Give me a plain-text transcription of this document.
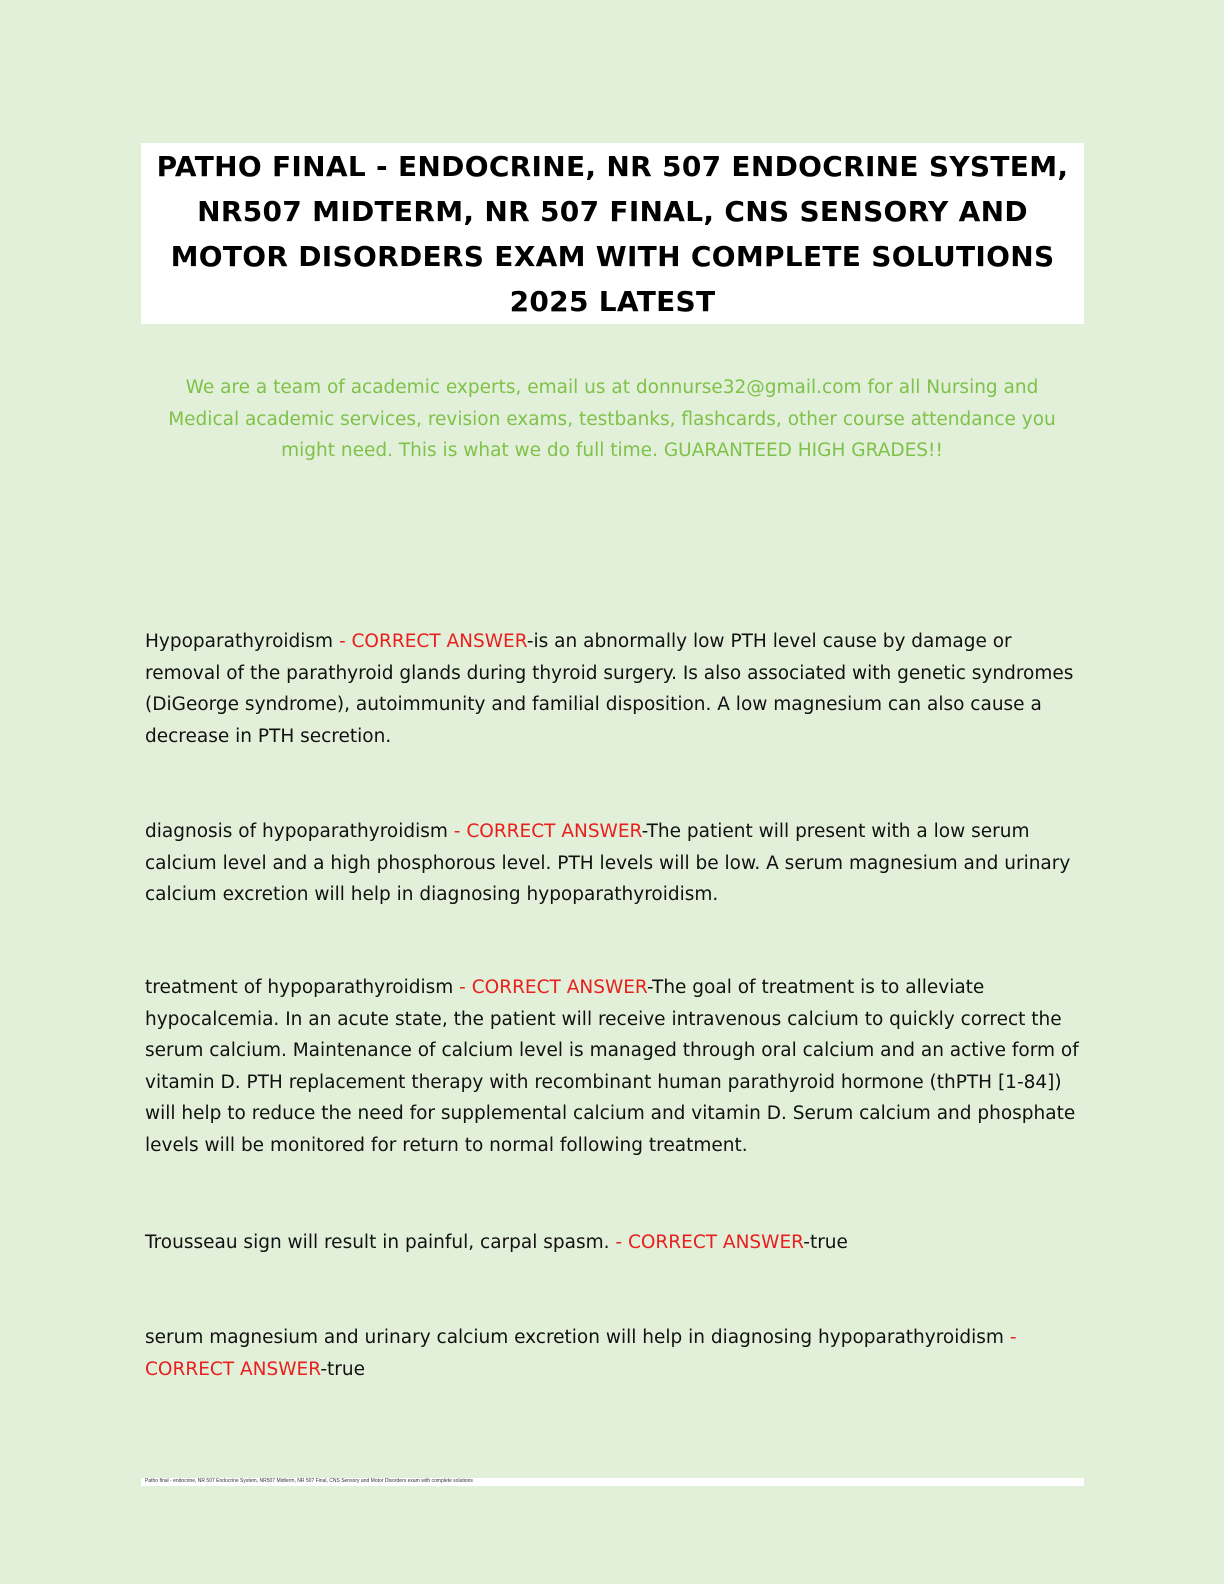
PATHO FINAL - ENDOCRINE, NR 507 ENDOCRINE SYSTEM, NR507 MIDTERM, NR 507 FINAL, CNS SENSORY AND MOTOR DISORDERS EXAM WITH COMPLETE SOLUTIONS 2025 LATEST

We are a team of academic experts, email us at donnurse32@gmail.com for all Nursing and Medical academic services, revision exams, testbanks, flashcards, other course attendance you might need. This is what we do full time. GUARANTEED HIGH GRADES!!

Hypoparathyroidism - CORRECT ANSWER-is an abnormally low PTH level cause by damage or removal of the parathyroid glands during thyroid surgery. Is also associated with genetic syndromes (DiGeorge syndrome), autoimmunity and familial disposition. A low magnesium can also cause a decrease in PTH secretion.

diagnosis of hypoparathyroidism - CORRECT ANSWER-The patient will present with a low serum calcium level and a high phosphorous level. PTH levels will be low. A serum magnesium and urinary calcium excretion will help in diagnosing hypoparathyroidism.

treatment of hypoparathyroidism - CORRECT ANSWER-The goal of treatment is to alleviate hypocalcemia. In an acute state, the patient will receive intravenous calcium to quickly correct the serum calcium. Maintenance of calcium level is managed through oral calcium and an active form of vitamin D. PTH replacement therapy with recombinant human parathyroid hormone (thPTH [1-84]) will help to reduce the need for supplemental calcium and vitamin D. Serum calcium and phosphate levels will be monitored for return to normal following treatment.

Trousseau sign will result in painful, carpal spasm. - CORRECT ANSWER-true

serum magnesium and urinary calcium excretion will help in diagnosing hypoparathyroidism - CORRECT ANSWER-true

Patho final - endocrine, NR 507 Endocrine System, NR507 Midterm, NR 507 Final, CNS Sensory and Motor Disorders exam with complete solutions
